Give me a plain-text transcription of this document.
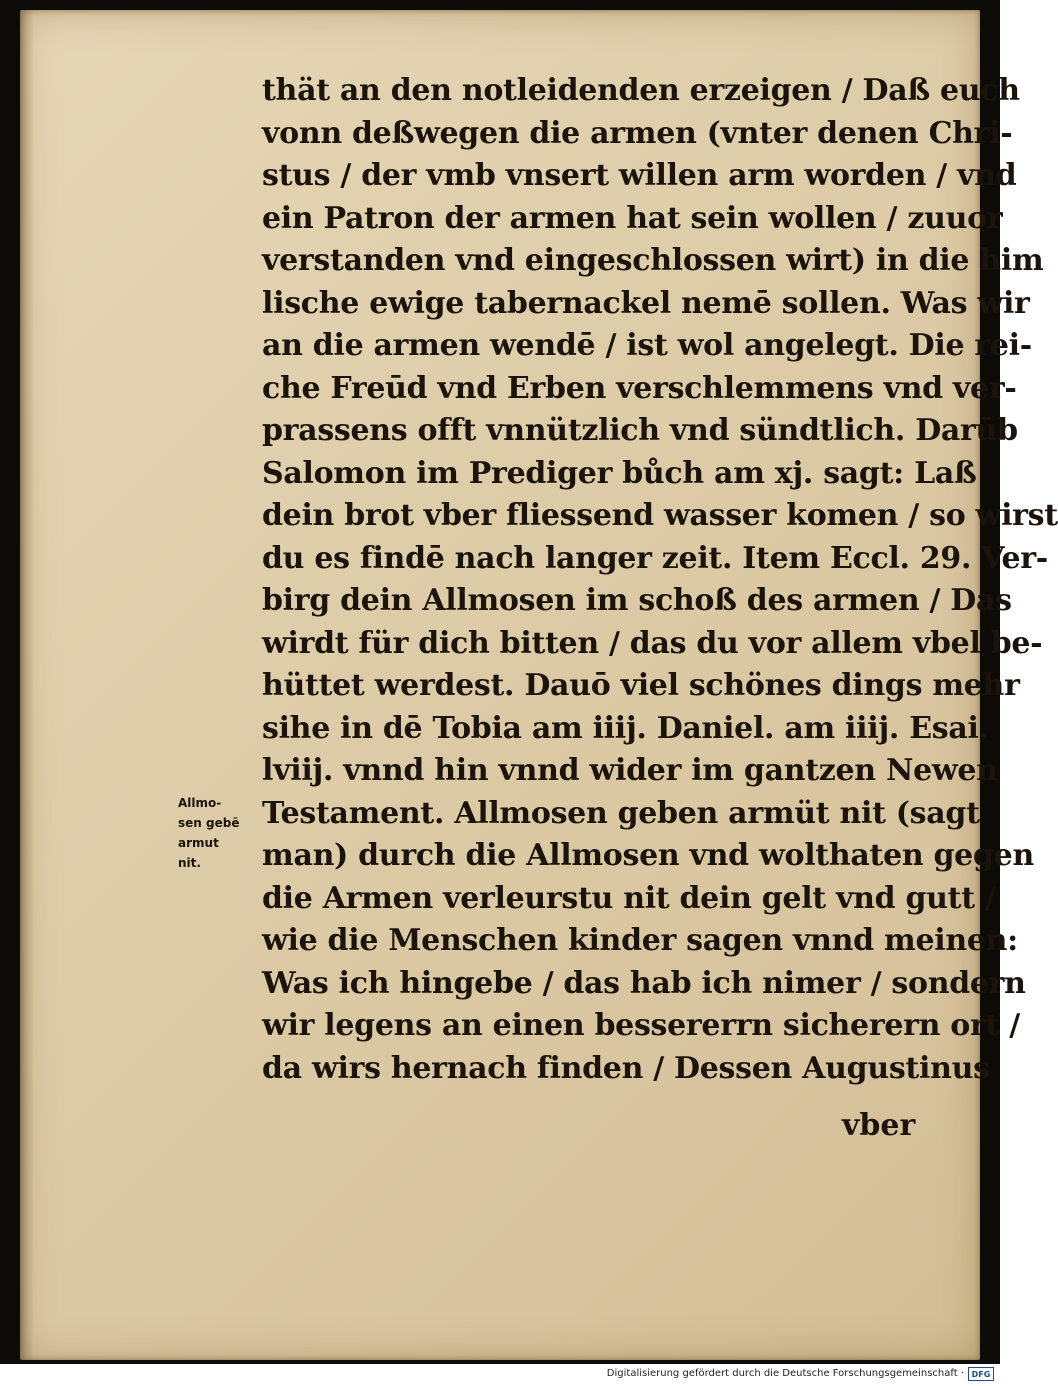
thät an den notleidenden erzeigen / Daß euch
vonn deßwegen die armen (vnter denen Chri-
stus / der vmb vnsert willen arm worden / vnd
ein Patron der armen hat sein wollen / zuuor
verstanden vnd eingeschlossen wirt) in die him
lische ewige tabernackel nemē sollen. Was wir
an die armen wendē / ist wol angelegt. Die rei-
che Freūd vnd Erben verschlemmens vnd ver-
prassens offt vnnützlich vnd sündtlich. Darūb
Salomon im Prediger bůch am xj. sagt: Laß
dein brot vber fliessend wasser komen / so wirst
du es findē nach langer zeit. Item Eccl. 29. Ver-
birg dein Allmosen im schoß des armen / Das
wirdt für dich bitten / das du vor allem vbel be-
hüttet werdest. Dauō viel schönes dings mehr
sihe in dē Tobia am iiij. Daniel. am iiij. Esai.
lviij. vnnd hin vnnd wider im gantzen Newen
Testament. Allmosen geben armüt nit (sagt
man) durch die Allmosen vnd wolthaten gegen
die Armen verleurstu nit dein gelt vnd gutt /
wie die Menschen kinder sagen vnnd meinen:
Was ich hingebe / das hab ich nimer / sondern
wir legens an einen bessererrn sicherern ort /
da wirs hernach finden / Dessen Augustinus
Allmo-
sen gebē
armut
nit.
vber
Digitalisierung gefördert durch die Deutsche Forschungsgemeinschaft · DFG
